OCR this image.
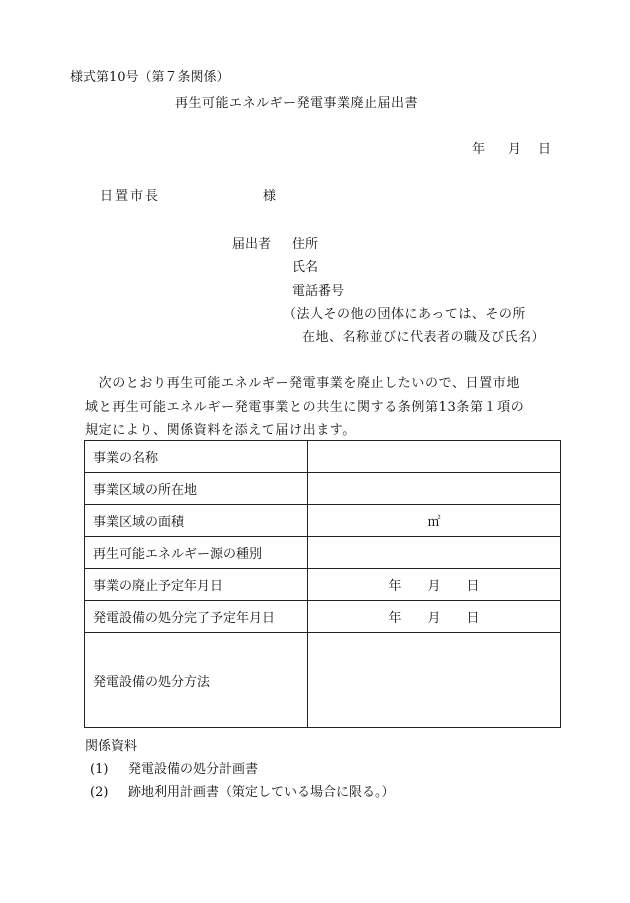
様式第10号（第７条関係）
再生可能エネルギー発電事業廃止届出書
年 月 日
日置市長	様
届出者 住所
氏名
電話番号
（法人その他の団体にあっては、その所
在地、名称並びに代表者の職及び氏名）

　次のとおり再生可能エネルギー発電事業を廃止したいので、日置市地

域と再生可能エネルギー発電事業との共生に関する条例第13条第１項の

規定により、関係資料を添えて届け出ます。

事業の名称	
事業区域の所在地	
事業区域の面積	㎡
再生可能エネルギー源の種別	
事業の廃止予定年月日	年　　月　　日
発電設備の処分完了予定年月日	年　　月　　日
発電設備の処分方法	
関係資料
(1) 発電設備の処分計画書
(2) 跡地利用計画書（策定している場合に限る。）
